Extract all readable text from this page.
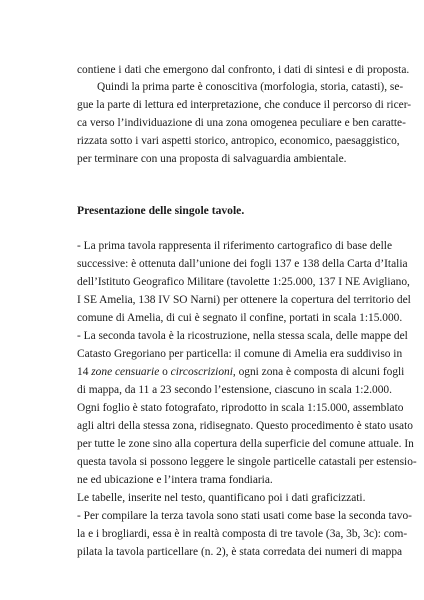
contiene i dati che emergono dal confronto, i dati di sintesi e di proposta.
Quindi la prima parte è conoscitiva (morfologia, storia, catasti), se-
gue la parte di lettura ed interpretazione, che conduce il percorso di ricer-
ca verso l’individuazione di una zona omogenea peculiare e ben caratte-
rizzata sotto i vari aspetti storico, antropico, economico, paesaggistico,
per terminare con una proposta di salvaguardia ambientale.
Presentazione delle singole tavole.
- La prima tavola rappresenta il riferimento cartografico di base delle
successive: è ottenuta dall’unione dei fogli 137 e 138 della Carta d’Italia
dell’Istituto Geografico Militare (tavolette 1:25.000, 137 I NE Avigliano,
I SE Amelia, 138 IV SO Narni) per ottenere la copertura del territorio del
comune di Amelia, di cui è segnato il confine, portati in scala 1:15.000.
- La seconda tavola è la ricostruzione, nella stessa scala, delle mappe del
Catasto Gregoriano per particella: il comune di Amelia era suddiviso in
14 zone censuarie o circoscrizioni, ogni zona è composta di alcuni fogli
di mappa, da 11 a 23 secondo l’estensione, ciascuno in scala 1:2.000.
Ogni foglio è stato fotografato, riprodotto in scala 1:15.000, assemblato
agli altri della stessa zona, ridisegnato. Questo procedimento è stato usato
per tutte le zone sino alla copertura della superficie del comune attuale. In
questa tavola si possono leggere le singole particelle catastali per estensio-
ne ed ubicazione e l’intera trama fondiaria.
Le tabelle, inserite nel testo, quantificano poi i dati graficizzati.
- Per compilare la terza tavola sono stati usati come base la seconda tavo-
la e i brogliardi, essa è in realtà composta di tre tavole (3a, 3b, 3c): com-
pilata la tavola particellare (n. 2), è stata corredata dei numeri di mappa
